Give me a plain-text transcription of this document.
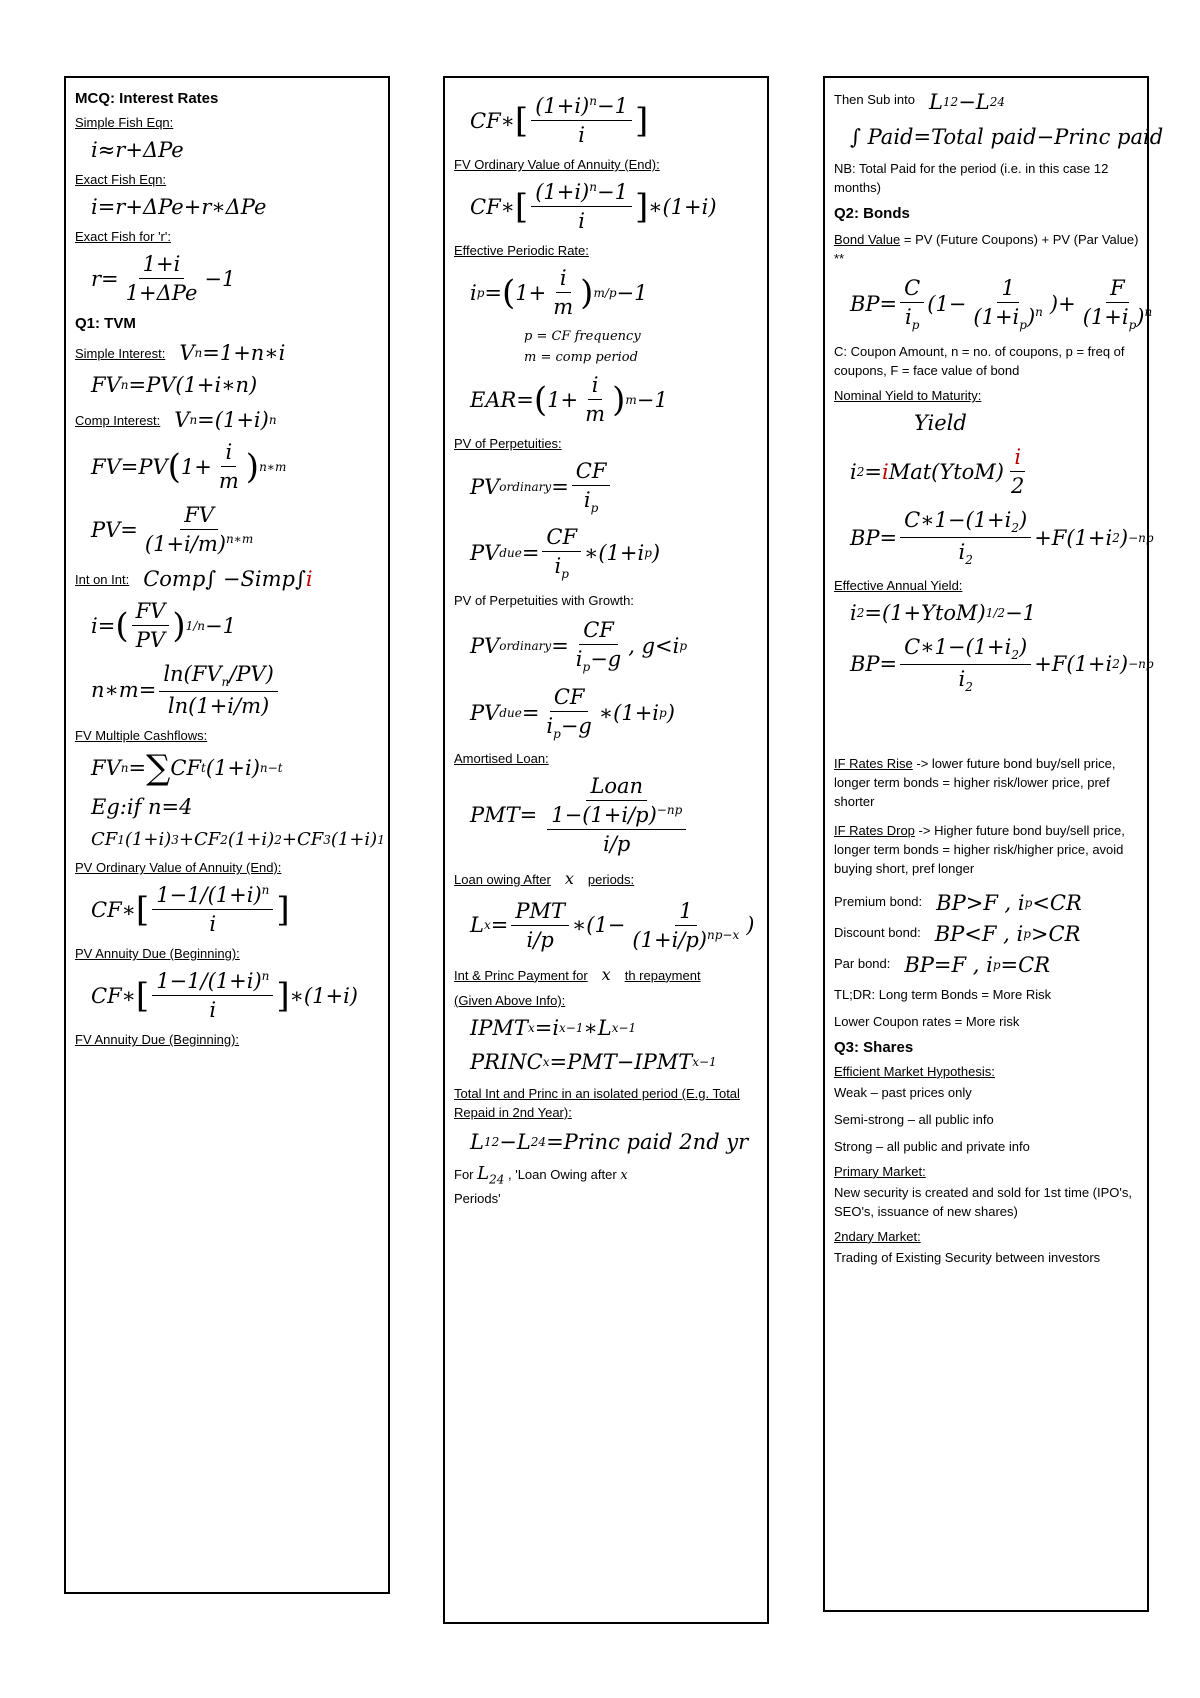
MCQ: Interest Rates
Simple Fish Eqn:
i≈r+ΔPe
Exact Fish Eqn:
i=r+ΔPe+r∗ΔPe
Exact Fish for 'r':
$r= \frac{1+i}{\text{1+ΔPe}} -1$
Q1: TVM
Simple Interest: V n =1+n∗i
FV n =PV(1+i∗n)
Comp Interest: V n =(1+i) n
FV=PV ( $1+ \frac{i}{m}$ ) n∗m
$PV= \frac{FV}{(1+i/m)^{n∗m}}$
Int on Int: Comp∫ −Simp∫ i
i= ( $\frac{FV}{PV}$ ) 1/n −1
n∗m= $\frac{\ln(FV_n/PV)}{\ln(1+i/m)}$
FV Multiple Cashflows:
FV n = ∑ CF t (1+i) n−t
Eg:if n=4
CF 1 (1+i) 3 +CF 2 (1+i) 2 +CF 3 (1+i) 1
PV Ordinary Value of Annuity (End):
CF∗ [ $\frac{1-1/(1+i)^n}{i}$ ]
PV Annuity Due (Beginning):
CF∗ [ $\frac{1-1/(1+i)^n}{i}$ ] ∗(1+i)
FV Annuity Due (Beginning):
CF∗ [ $\frac{(1+i)^n-1}{i}$ ]
FV Ordinary Value of Annuity (End):
CF∗ [ $\frac{(1+i)^n-1}{i}$ ] ∗(1+i)
Effective Periodic Rate:
i p = ( $1+ \frac{i}{m}$ ) m/p −1
p = CF frequency
m = comp period
EAR= ( $1+ \frac{i}{m}$ ) m −1
PV of Perpetuities:
PV ordinary = $\frac{CF}{i_p}$
PV due = $\frac{CF}{i_p}$ ∗(1+i p )
PV of Perpetuities with Growth:
PV ordinary = $\frac{CF}{i_p-g}$ , g<i p
PV due = $\frac{CF}{i_p-g}$ ∗(1+i p )
Amortised Loan:
$PMT= \frac{\text{Loan}}{\frac{1-(1+i/p)^{-np}}{i/p}}$
Loan owing After x periods:
L $x = \frac{\text{PMT}}{i/p}$ ∗(1− $\frac{1}{(1+i/p)^{np-x}}$ )
Int & Princ Payment for x th repayment
(Given Above Info):
IPMT x =i x−1 ∗L x−1
PRINC x =PMT−IPMT x−1
Total Int and Princ in an isolated period (E.g. Total Repaid in 2nd Year):
L 12 −L 24 =Princ paid 2nd yr
For $L_{24}$ , 'Loan Owing after x
Periods'
Then Sub into L 12 −L 24
∫ Paid=Total paid−Princ paid
NB: Total Paid for the period (i.e. in this case 12 months)
Q2: Bonds
Bond Value = PV (Future Coupons) + PV (Par Value) **
$BP= \frac{C}{i_p} (1- \frac{1}{(1+i_p)^n}$ )+ $\frac{F}{(1+i_p)^n}$
C: Coupon Amount, n = no. of coupons, p = freq of coupons, F = face value of bond
Nominal Yield to Maturity:
Yield
i 2 = i Mat(YtoM) $\frac{i}{2}$
$BP= \frac{C∗1-(1+i_2)}{i_2} +F(1+i$ 2 ) −np
Effective Annual Yield:
i 2 =(1+YtoM) 1/2 −1
$BP= \frac{C∗1-(1+i_2)}{i_2} +F(1+i$ 2 ) −np
IF Rates Rise -> lower future bond buy/sell price, longer term bonds = higher risk/lower price, pref shorter
IF Rates Drop -> Higher future bond buy/sell price, longer term bonds = higher risk/higher price, avoid buying short, pref longer
Premium bond: BP>F , i p <CR
Discount bond: BP<F , i p >CR
Par bond: BP=F , i p =CR
TL;DR: Long term Bonds = More Risk
Lower Coupon rates = More risk
Q3: Shares
Efficient Market Hypothesis:
Weak – past prices only
Semi-strong – all public info
Strong – all public and private info
Primary Market:
New security is created and sold for 1st time (IPO's, SEO's, issuance of new shares)
2ndary Market:
Trading of Existing Security between investors
